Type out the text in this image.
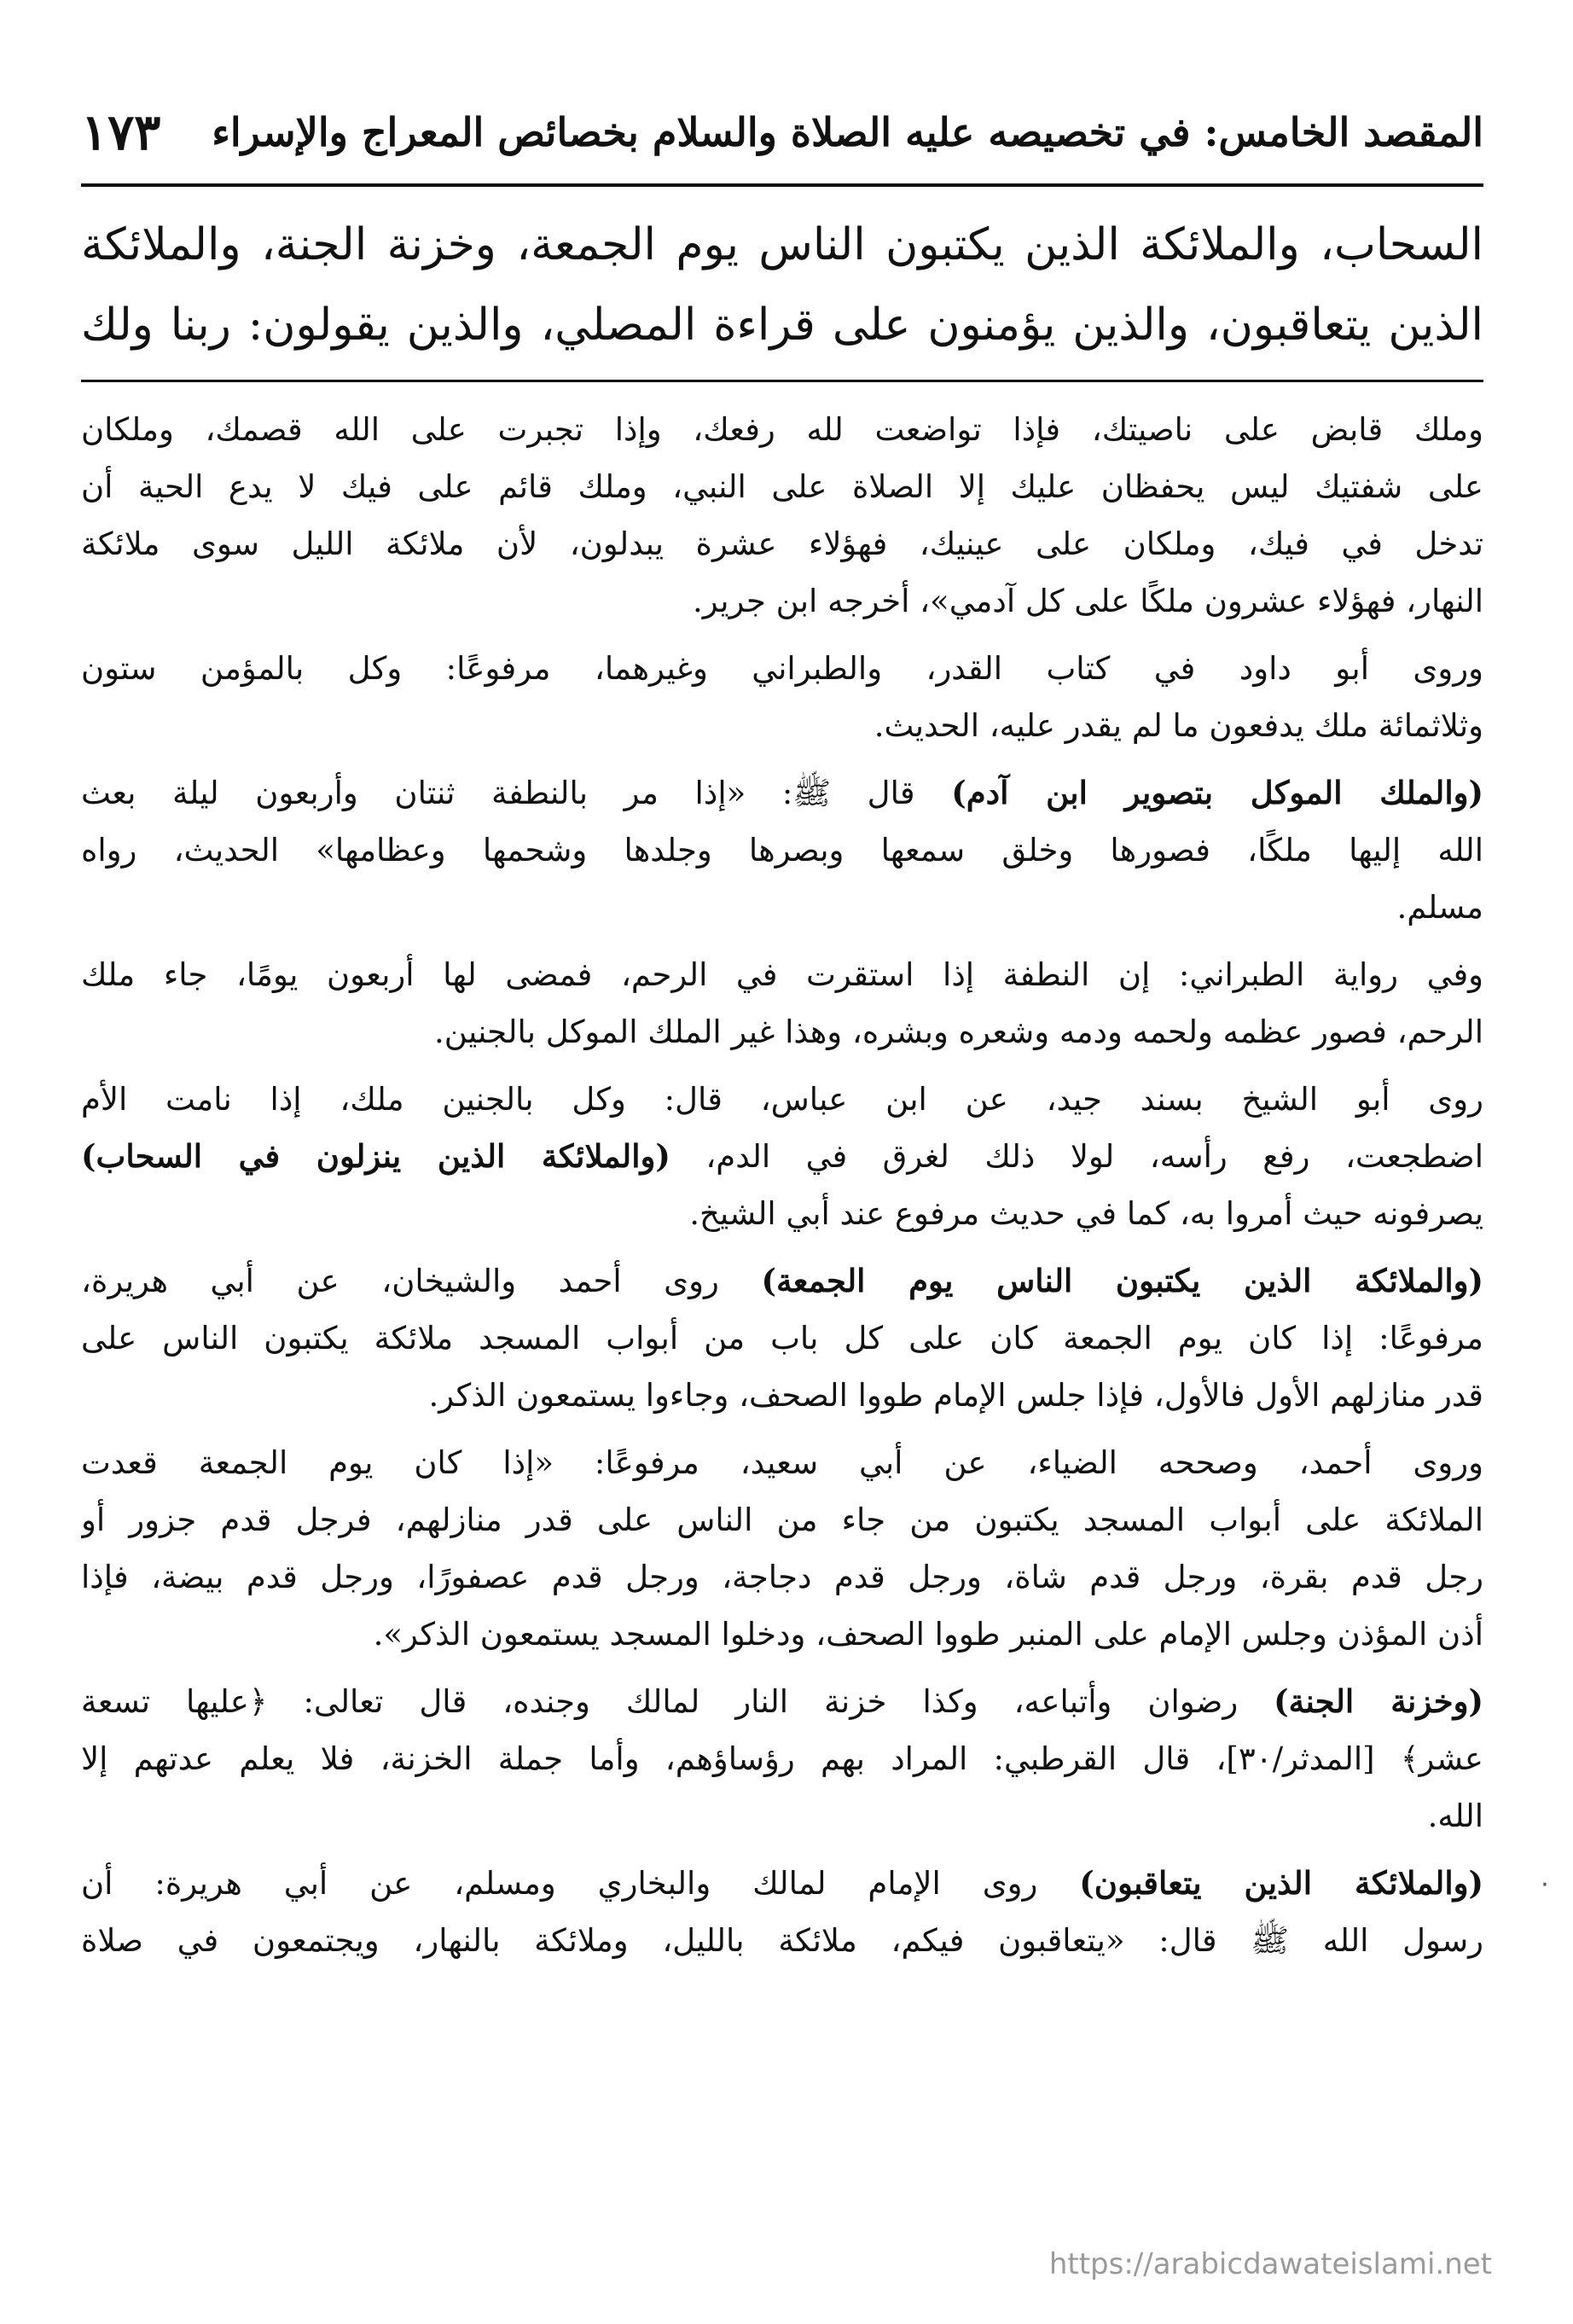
المقصد الخامس: في تخصيصه عليه الصلاة والسلام بخصائص المعراج والإسراء
١٧٣
السحاب، والملائكة الذين يكتبون الناس يوم الجمعة، وخزنة الجنة، والملائكة
الذين يتعاقبون، والذين يؤمنون على قراءة المصلي، والذين يقولون: ربنا ولك
وملك قابض على ناصيتك، فإذا تواضعت لله رفعك، وإذا تجبرت على الله قصمك، وملكان
على شفتيك ليس يحفظان عليك إلا الصلاة على النبي، وملك قائم على فيك لا يدع الحية أن
تدخل في فيك، وملكان على عينيك، فهؤلاء عشرة يبدلون، لأن ملائكة الليل سوى ملائكة
النهار، فهؤلاء عشرون ملكًا على كل آدمي»، أخرجه ابن جرير.
وروى أبو داود في كتاب القدر، والطبراني وغيرهما، مرفوعًا: وكل بالمؤمن ستون
وثلاثمائة ملك يدفعون ما لم يقدر عليه، الحديث.
(والملك الموكل بتصوير ابن آدم) قال ﷺ: «إذا مر بالنطفة ثنتان وأربعون ليلة بعث
الله إليها ملكًا، فصورها وخلق سمعها وبصرها وجلدها وشحمها وعظامها» الحديث، رواه
مسلم.
وفي رواية الطبراني: إن النطفة إذا استقرت في الرحم، فمضى لها أربعون يومًا، جاء ملك
الرحم، فصور عظمه ولحمه ودمه وشعره وبشره، وهذا غير الملك الموكل بالجنين.
روى أبو الشيخ بسند جيد، عن ابن عباس، قال: وكل بالجنين ملك، إذا نامت الأم
اضطجعت، رفع رأسه، لولا ذلك لغرق في الدم، (والملائكة الذين ينزلون في السحاب)
يصرفونه حيث أمروا به، كما في حديث مرفوع عند أبي الشيخ.
(والملائكة الذين يكتبون الناس يوم الجمعة) روى أحمد والشيخان، عن أبي هريرة،
مرفوعًا: إذا كان يوم الجمعة كان على كل باب من أبواب المسجد ملائكة يكتبون الناس على
قدر منازلهم الأول فالأول، فإذا جلس الإمام طووا الصحف، وجاءوا يستمعون الذكر.
وروى أحمد، وصححه الضياء، عن أبي سعيد، مرفوعًا: «إذا كان يوم الجمعة قعدت
الملائكة على أبواب المسجد يكتبون من جاء من الناس على قدر منازلهم، فرجل قدم جزور أو
رجل قدم بقرة، ورجل قدم شاة، ورجل قدم دجاجة، ورجل قدم عصفورًا، ورجل قدم بيضة، فإذا
أذن المؤذن وجلس الإمام على المنبر طووا الصحف، ودخلوا المسجد يستمعون الذكر».
(وخزنة الجنة) رضوان وأتباعه، وكذا خزنة النار لمالك وجنده، قال تعالى: ﴿عليها تسعة
عشر﴾ [المدثر/٣٠]، قال القرطبي: المراد بهم رؤساؤهم، وأما جملة الخزنة، فلا يعلم عدتهم إلا
الله.
(والملائكة الذين يتعاقبون) روى الإمام لمالك والبخاري ومسلم، عن أبي هريرة: أن
رسول الله ﷺ قال: «يتعاقبون فيكم، ملائكة بالليل، وملائكة بالنهار، ويجتمعون في صلاة
٠
https://arabicdawateislami.net
